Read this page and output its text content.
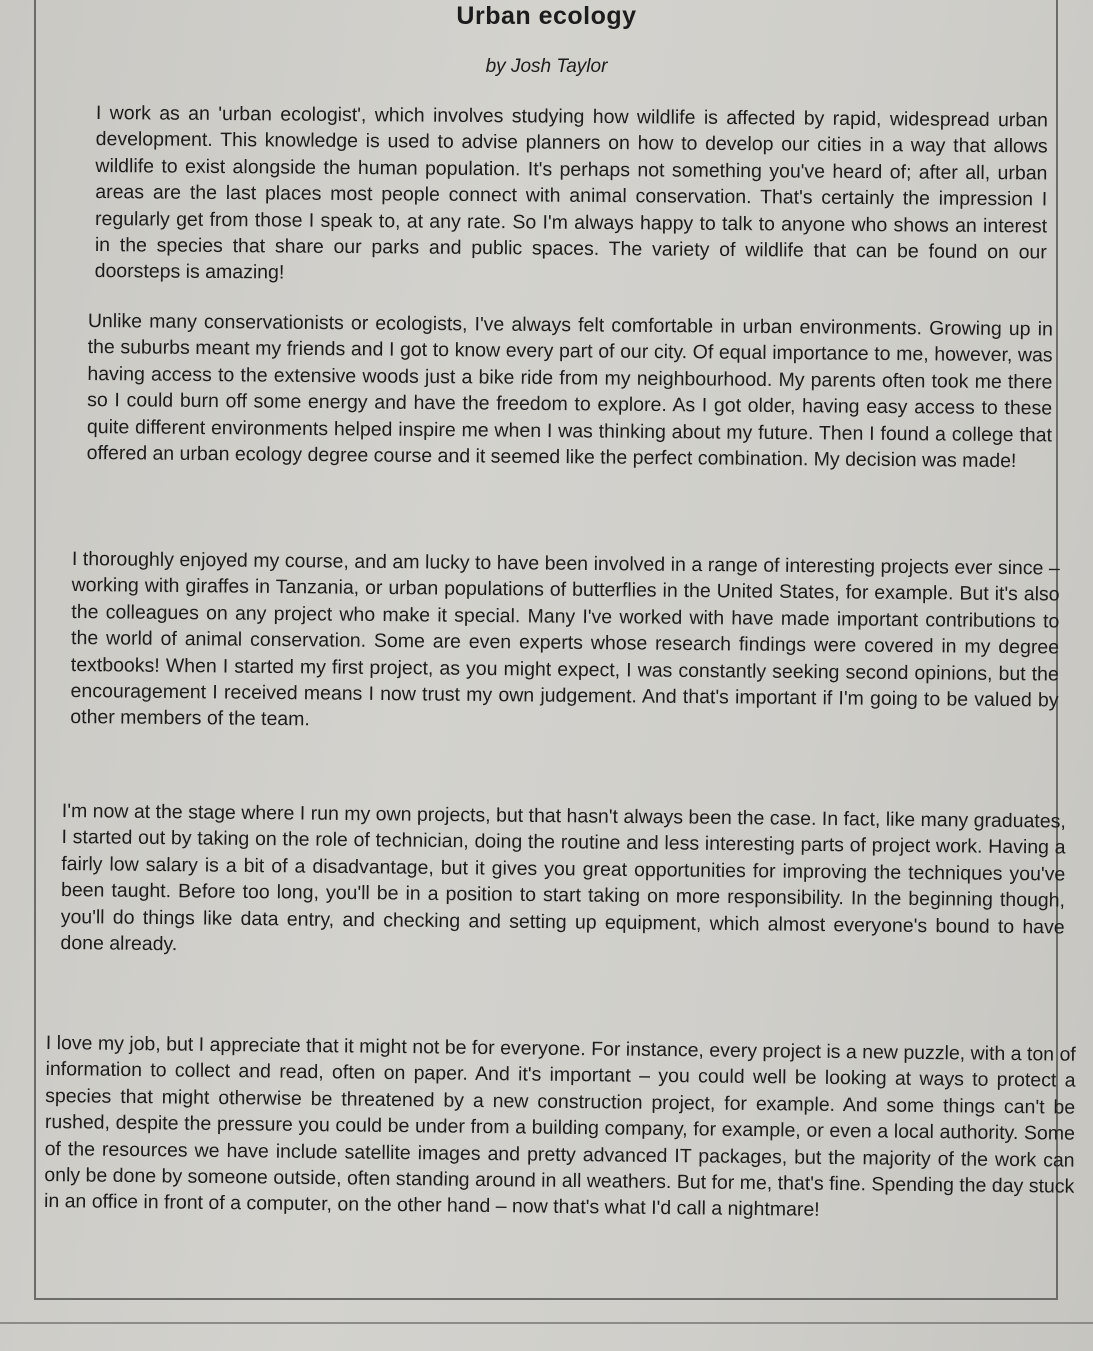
Urban ecology
by Josh Taylor

I work as an 'urban ecologist', which involves studying how wildlife is affected by rapid, widespread urban development. This knowledge is used to advise planners on how to develop our cities in a way that allows wildlife to exist alongside the human population. It's perhaps not something you've heard of; after all, urban areas are the last places most people connect with animal conservation. That's certainly the impression I regularly get from those I speak to, at any rate. So I'm always happy to talk to anyone who shows an interest in the species that share our parks and public spaces. The variety of wildlife that can be found on our doorsteps is amazing!

Unlike many conservationists or ecologists, I've always felt comfortable in urban environments. Growing up in the suburbs meant my friends and I got to know every part of our city. Of equal importance to me, however, was having access to the extensive woods just a bike ride from my neighbourhood. My parents often took me there so I could burn off some energy and have the freedom to explore. As I got older, having easy access to these quite different environments helped inspire me when I was thinking about my future. Then I found a college that offered an urban ecology degree course and it seemed like the perfect combination. My decision was made!

I thoroughly enjoyed my course, and am lucky to have been involved in a range of interesting projects ever since – working with giraffes in Tanzania, or urban populations of butterflies in the United States, for example. But it's also the colleagues on any project who make it special. Many I've worked with have made important contributions to the world of animal conservation. Some are even experts whose research findings were covered in my degree textbooks! When I started my first project, as you might expect, I was constantly seeking second opinions, but the encouragement I received means I now trust my own judgement. And that's important if I'm going to be valued by other members of the team.

I'm now at the stage where I run my own projects, but that hasn't always been the case. In fact, like many graduates, I started out by taking on the role of technician, doing the routine and less interesting parts of project work. Having a fairly low salary is a bit of a disadvantage, but it gives you great opportunities for improving the techniques you've been taught. Before too long, you'll be in a position to start taking on more responsibility. In the beginning though, you'll do things like data entry, and checking and setting up equipment, which almost everyone's bound to have done already.

I love my job, but I appreciate that it might not be for everyone. For instance, every project is a new puzzle, with a ton of information to collect and read, often on paper. And it's important – you could well be looking at ways to protect a species that might otherwise be threatened by a new construction project, for example. And some things can't be rushed, despite the pressure you could be under from a building company, for example, or even a local authority. Some of the resources we have include satellite images and pretty advanced IT packages, but the majority of the work can only be done by someone outside, often standing around in all weathers. But for me, that's fine. Spending the day stuck in an office in front of a computer, on the other hand – now that's what I'd call a nightmare!
